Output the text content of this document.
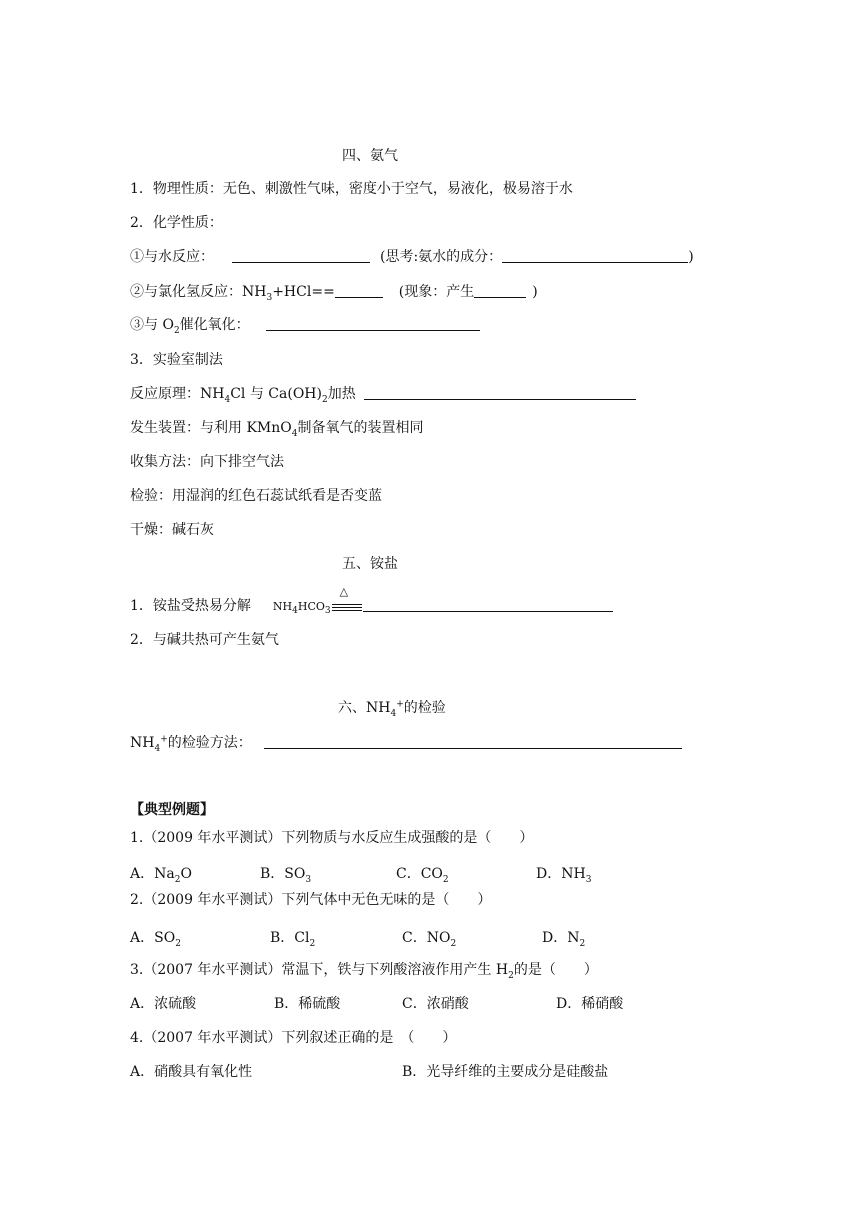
四、氨气
1．物理性质：无色、刺激性气味，密度小于空气，易液化，极易溶于水
2．化学性质：
①与水反应：	(思考:氨水的成分：	)
②与氯化氢反应：$NH_3+HCl==$	(现象：产生	)
③与 $O_2$催化氧化：
3．实验室制法
反应原理：$NH_4Cl$ 与 $Ca(OH)_2$加热
发生装置：与利用 KMnO$_4$制备氧气的装置相同
收集方法：向下排空气法
检验：用湿润的红色石蕊试纸看是否变蓝
干燥：碱石灰
五、铵盐
1．铵盐受热易分解 $NH_4HCO_3$
△
2．与碱共热可产生氨气
六、$NH_4^+$的检验
$NH_4^+$的检验方法：
【典型例题】
1.（2009 年水平测试）下列物质与水反应生成强酸的是（　　）
A．$Na_2O$	B．$SO_3$	C．$CO_2$	D．$NH_3$
2.（2009 年水平测试）下列气体中无色无味的是（　　）
A．$SO_2$	B．$Cl_2$	C．$NO_2$	D．$N_2$
3.（2007 年水平测试）常温下，铁与下列酸溶液作用产生 $H_2$的是（　　）
A．浓硫酸	B．稀硫酸	C．浓硝酸	D．稀硝酸
4.（2007 年水平测试）下列叙述正确的是　（　　）
A．硝酸具有氧化性	B．光导纤维的主要成分是硅酸盐
